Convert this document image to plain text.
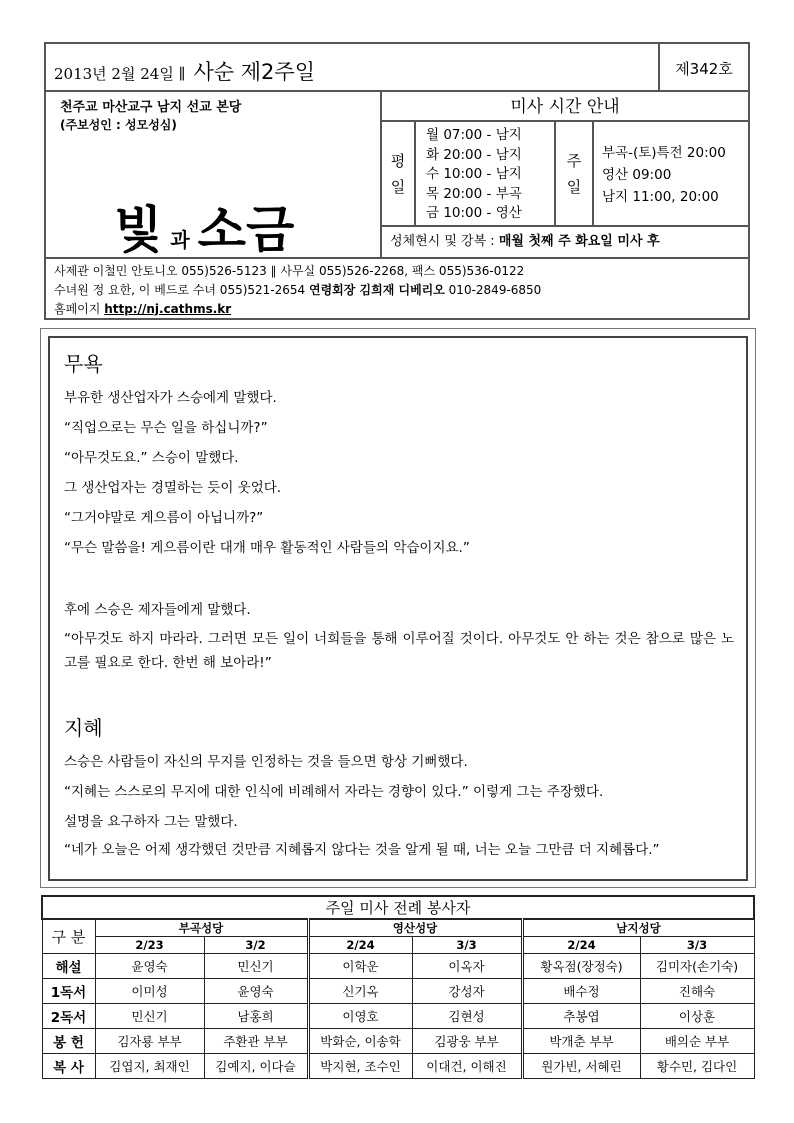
2013년 2월 24일 ∥ 사순 제2주일	제342호
천주교 마산교구 남지 선교 본당
(주보성인 : 성모성심)
빛과 소금
미사 시간 안내
평
일
월 07:00 - 남지
화 20:00 - 남지
수 10:00 - 남지
목 20:00 - 부곡
금 10:00 - 영산
주
일
부곡-(토)특전 20:00
영산 09:00
남지 11:00, 20:00
성체현시 및 강복 : 매월 첫째 주 화요일 미사 후
사제관 이철민 안토니오 055)526-5123 ∥ 사무실 055)526-2268, 팩스 055)536-0122
수녀원 정 요한, 이 베드로 수녀 055)521-2654 연령회장 김희재 디베리오 010-2849-6850
홈페이지 http://nj.cathms.kr
무욕
부유한 생산업자가 스승에게 말했다.
“직업으로는 무슨 일을 하십니까?”
“아무것도요.” 스승이 말했다.
그 생산업자는 경멸하는 듯이 웃었다.
“그거야말로 게으름이 아닙니까?”
“무슨 말씀을! 게으름이란 대개 매우 활동적인 사람들의 악습이지요.”
후에 스승은 제자들에게 말했다.
“아무것도 하지 마라라. 그러면 모든 일이 너희들을 통해 이루어질 것이다. 아무것도 안 하는 것은 참으로 많은 노고를 필요로 한다. 한번 해 보아라!”
지혜
스승은 사람들이 자신의 무지를 인정하는 것을 들으면 항상 기뻐했다.
“지혜는 스스로의 무지에 대한 인식에 비례해서 자라는 경향이 있다.” 이렇게 그는 주장했다.
설명을 요구하자 그는 말했다.
“네가 오늘은 어제 생각했던 것만큼 지혜롭지 않다는 것을 알게 될 때, 너는 오늘 그만큼 더 지혜롭다.”
주일 미사 전례 봉사자						
구 분	부곡성당		영산성당		남지성당	
	2/23	3/2	2/24	3/3	2/24	3/3
해설	윤영숙	민신기	이학운	이옥자	황옥점(장정숙)	김미자(손기숙)
1독서	이미성	윤영숙	신기옥	강성자	배수정	진해숙
2독서	민신기	남홍희	이영호	김현성	추봉엽	이상훈
봉 헌	김자룡 부부	주환관 부부	박화순, 이송학	김광웅 부부	박개춘 부부	배의순 부부
복 사	김엽지, 최재인	김예지, 이다슬	박지현, 조수인	이대건, 이해진	원가빈, 서혜린	황수민, 김다인
